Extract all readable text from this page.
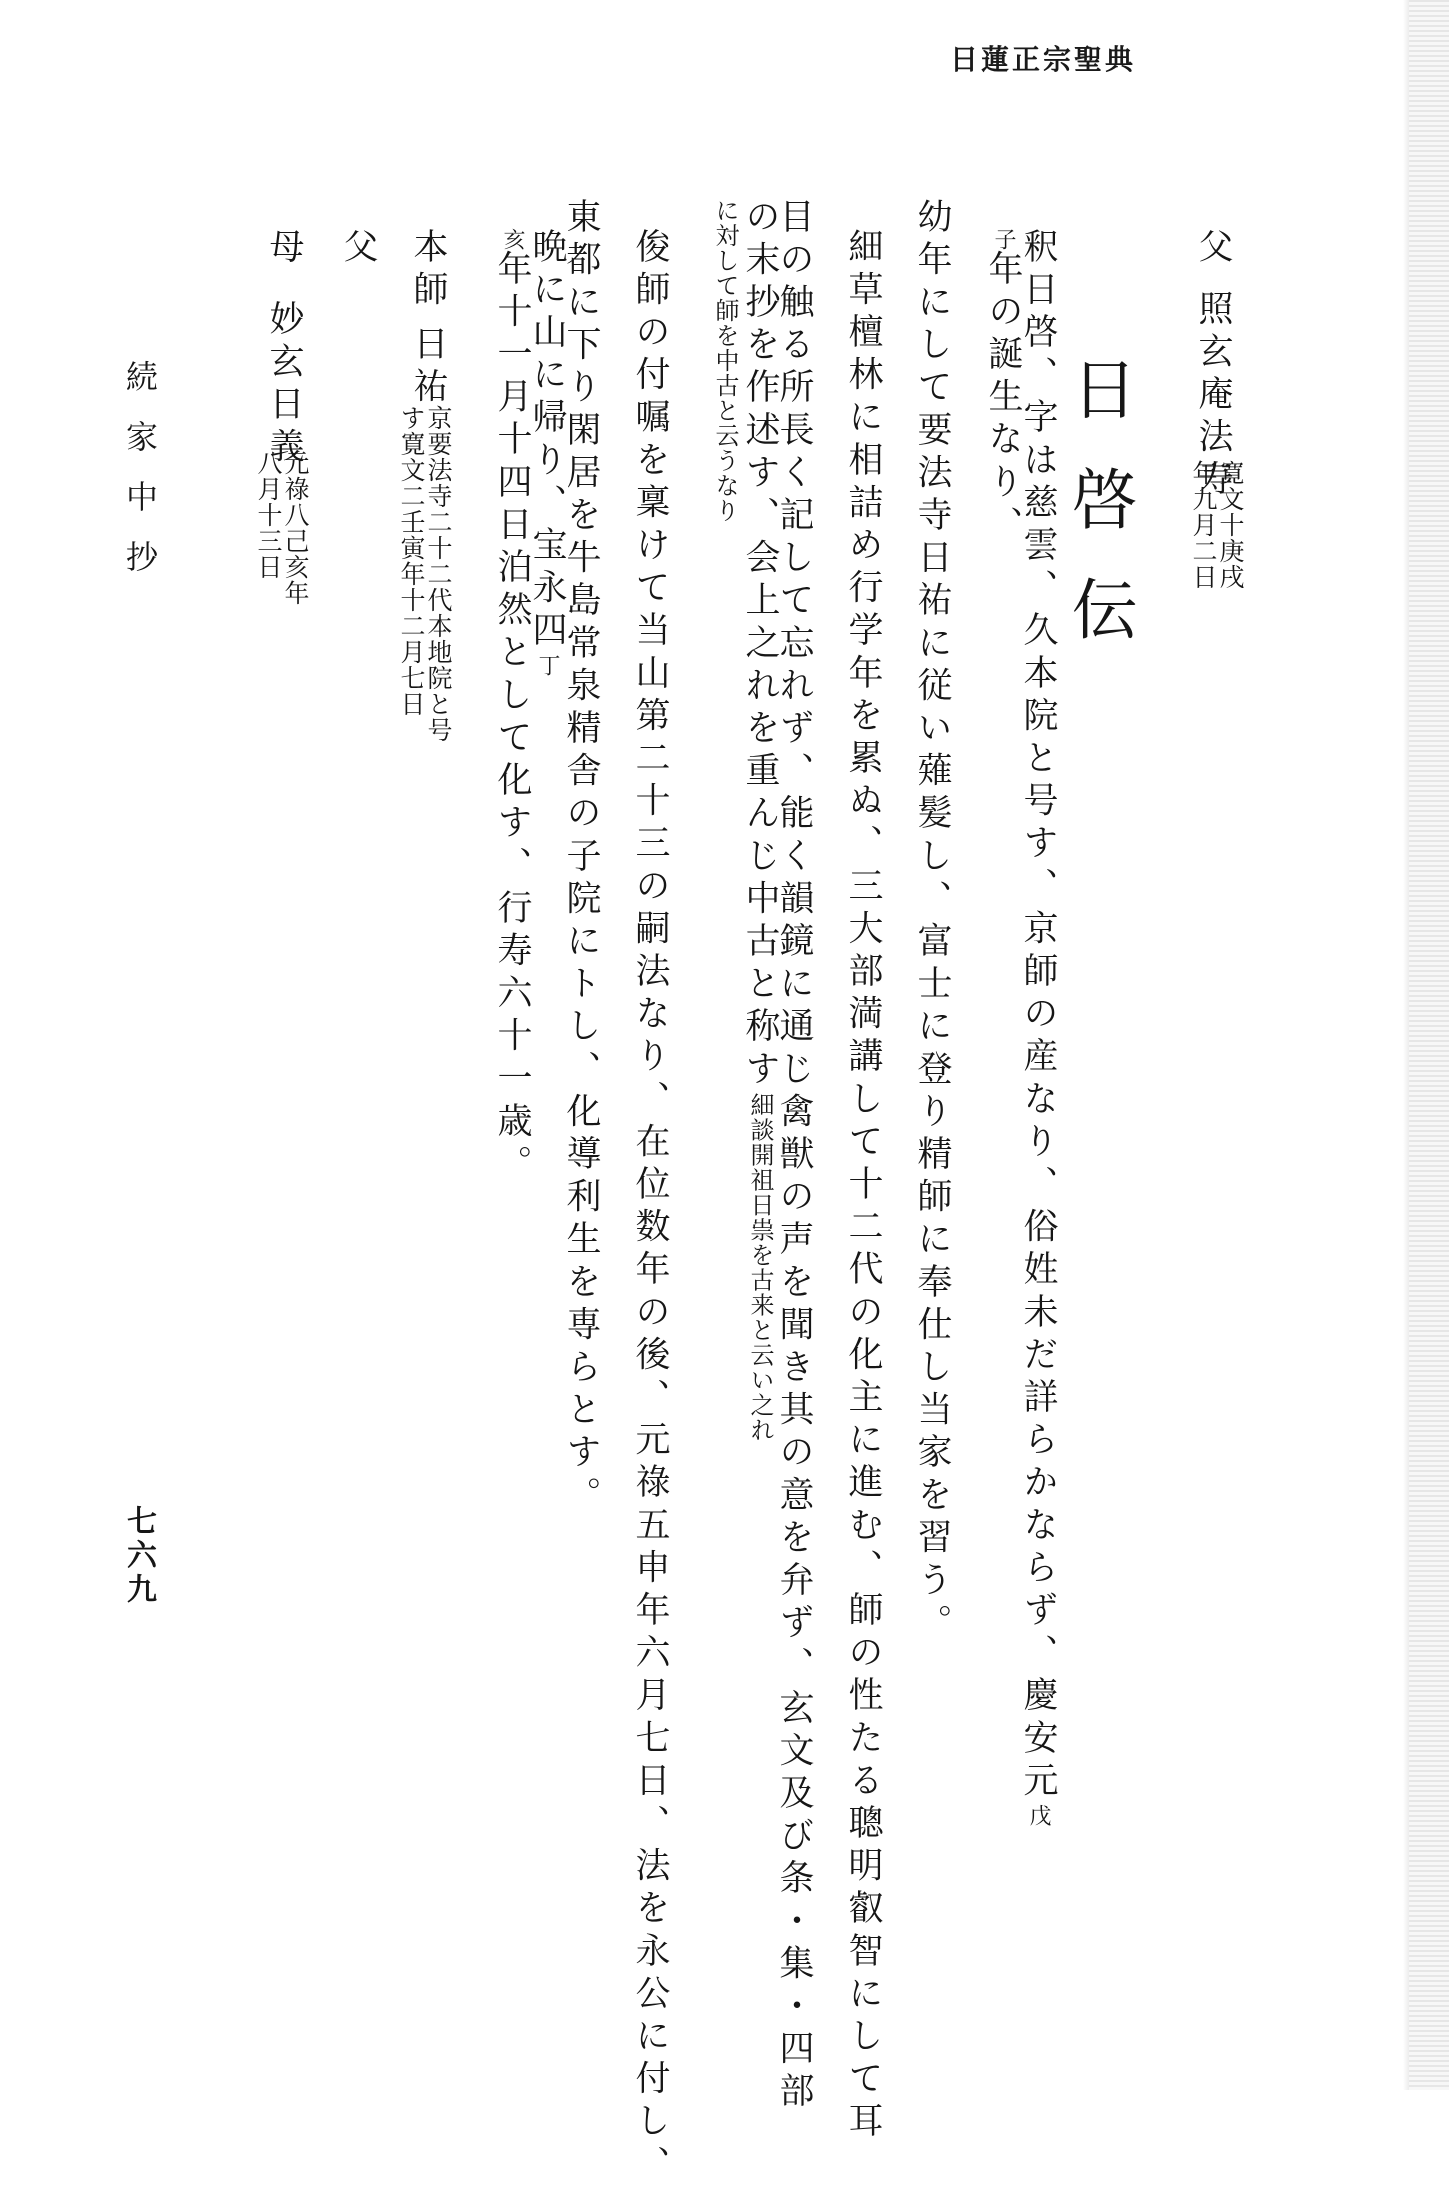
日蓮正宗聖典
父
照玄庵法寿
寛文十庚戌
年九月二日
日啓伝
釈日啓、字は慈雲、久本院と号す、京師の産なり、俗姓未だ詳らかならず、慶安元戊
子年の誕生なり、
幼年にして要法寺日祐に従い薙髪し、富士に登り精師に奉仕し当家を習う。
細草檀林に相詰め行学年を累ぬ、三大部満講して十二代の化主に進む、師の性たる聰明叡智にして耳
目の触る所長く記して忘れず、能く韻鏡に通じ禽獣の声を聞き其の意を弁ず、玄文及び条・集・四部
の末抄を作述す、会上之れを重んじ中古と称す細談開祖日祟を古来と云い之れ
に対して師を中古と云うなり
俊師の付嘱を稟けて当山第二十三の嗣法なり、在位数年の後、元祿五申年六月七日、法を永公に付し、
東都に下り閑居を牛島常泉精舎の子院にトし、化導利生を専らとす。
晩に山に帰り、宝永四丁
亥年十一月十四日泊然として化す、行寿六十一歳。
本師
日祐
京要法寺二十二代本地院と号
す寛文二壬寅年十二月七日
父
母
妙玄日義
元祿八己亥年
八月十三日
続家中抄
七六九
